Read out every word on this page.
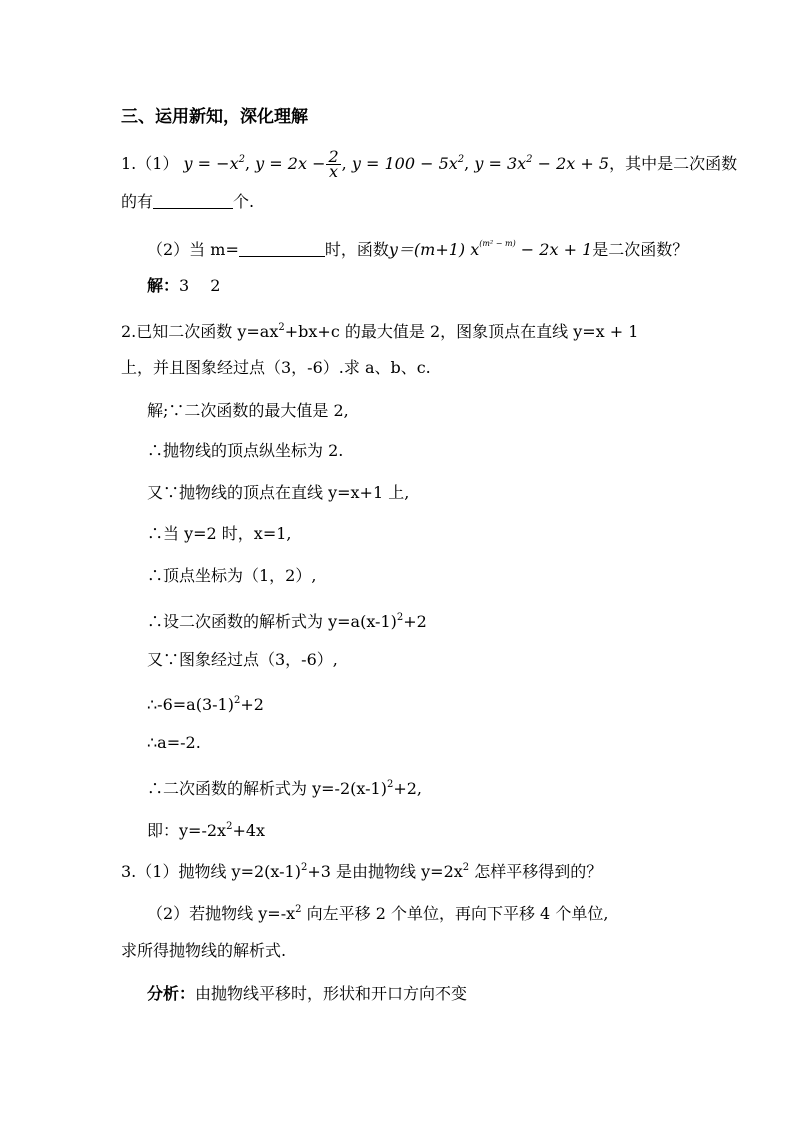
三、运用新知，深化理解
1.（1） $y = -x^2$, $y = 2x - \frac{2}{x}$ , $y = 100 - 5x^2$, $y = 3x^2 - 2x + 5$，其中是二次函数
的有	个.
（2）当 m=	时，函数y＝(m+1) $x^{(m^2 - m)} - 2x + 1$是二次函数？
解：3　 2
2.已知二次函数 $y=ax^2+bx+c$ 的最大值是 2，图象顶点在直线 y=x + 1
上，并且图象经过点（3，-6）.求 a、b、c.
解;∵二次函数的最大值是 2,
∴抛物线的顶点纵坐标为 2.
又∵抛物线的顶点在直线 y=x+1 上,
∴当 y=2 时，x=1,
∴顶点坐标为（1，2）,
∴设二次函数的解析式为 $y=a(x-1)^2+2$
又∵图象经过点（3，-6）,
$\therefore-6=a(3-1)^2+2$
∴a=-2.
∴二次函数的解析式为 $y=-2(x-1)^2+2$,
即：$y=-2x^2+4x$
3.（1）抛物线 $y=2(x-1)^2+3$ 是由抛物线 $y=2x^2$ 怎样平移得到的？
（2）若抛物线 $y=-x^2$ 向左平移 2 个单位，再向下平移 4 个单位,
求所得抛物线的解析式.
分析：由抛物线平移时，形状和开口方向不变
